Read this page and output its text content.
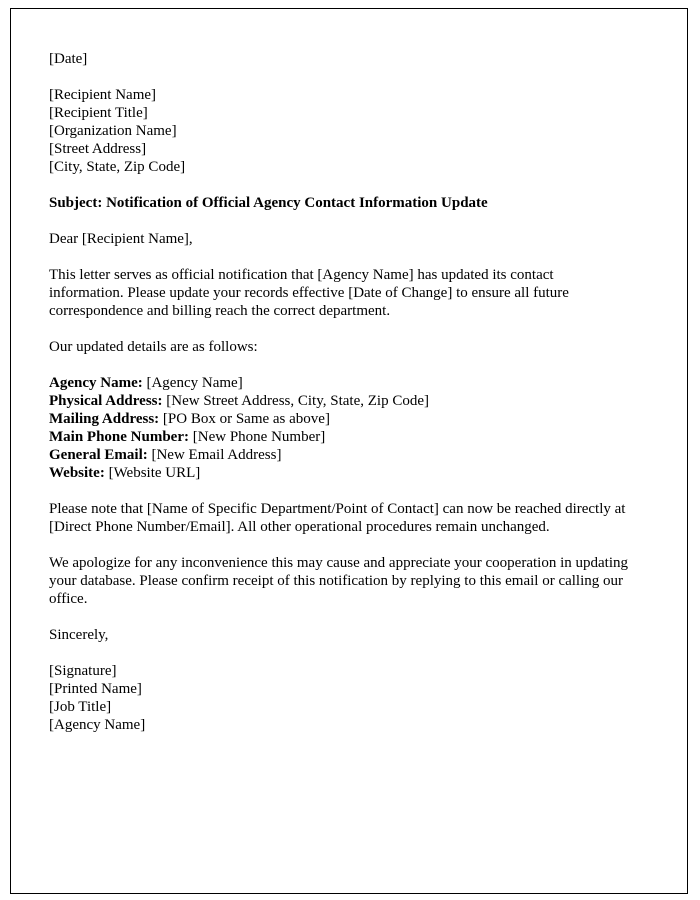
[Date]
[Recipient Name]
[Recipient Title]
[Organization Name]
[Street Address]
[City, State, Zip Code]
Subject: Notification of Official Agency Contact Information Update
Dear [Recipient Name],
This letter serves as official notification that [Agency Name] has updated its contact information. Please update your records effective [Date of Change] to ensure all future correspondence and billing reach the correct department.
Our updated details are as follows:
Agency Name: [Agency Name]
Physical Address: [New Street Address, City, State, Zip Code]
Mailing Address: [PO Box or Same as above]
Main Phone Number: [New Phone Number]
General Email: [New Email Address]
Website: [Website URL]
Please note that [Name of Specific Department/Point of Contact] can now be reached directly at [Direct Phone Number/Email]. All other operational procedures remain unchanged.
We apologize for any inconvenience this may cause and appreciate your cooperation in updating your database. Please confirm receipt of this notification by replying to this email or calling our office.
Sincerely,
[Signature]
[Printed Name]
[Job Title]
[Agency Name]
